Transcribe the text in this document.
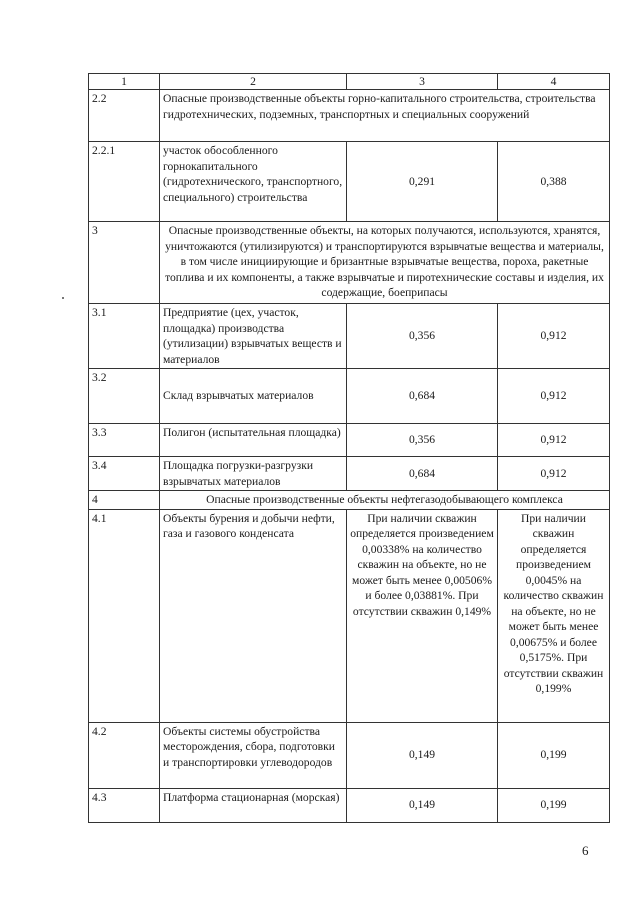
1	2	3	4
2.2	Опасные производственные объекты горно-капитального строительства, строительства гидротехнических, подземных, транспортных и специальных сооружений		
2.2.1	участок обособленного горнокапитального (гидротехнического, транспортного, специального) строительства	0,291	0,388
3	Опасные производственные объекты, на которых получаются, используются, хранятся, уничтожаются (утилизируются) и транспортируются взрывчатые вещества и материалы, в том числе инициирующие и бризантные взрывчатые вещества, пороха, ракетные топлива и их компоненты, а также взрывчатые и пиротехнические составы и изделия, их содержащие, боеприпасы		
3.1	Предприятие (цех, участок, площадка) производства (утилизации) взрывчатых веществ и материалов	0,356	0,912
3.2	Склад взрывчатых материалов	0,684	0,912
3.3	Полигон (испытательная площадка)	0,356	0,912
3.4	Площадка погрузки-разгрузки взрывчатых материалов	0,684	0,912
4	Опасные производственные объекты нефтегазодобывающего комплекса		
4.1	Объекты бурения и добычи нефти, газа и газового конденсата	При наличии скважин определяется произведением 0,00338% на количество скважин на объекте, но не может быть менее 0,00506% и более 0,03881%. При отсутствии скважин 0,149%	При наличии скважин определяется произведением 0,0045% на количество скважин на объекте, но не может быть менее 0,00675% и более 0,5175%. При отсутствии скважин 0,199%
4.2	Объекты системы обустройства месторождения, сбора, подготовки и транспортировки углеводородов	0,149	0,199
4.3	Платформа стационарная (морская)	0,149	0,199
6
